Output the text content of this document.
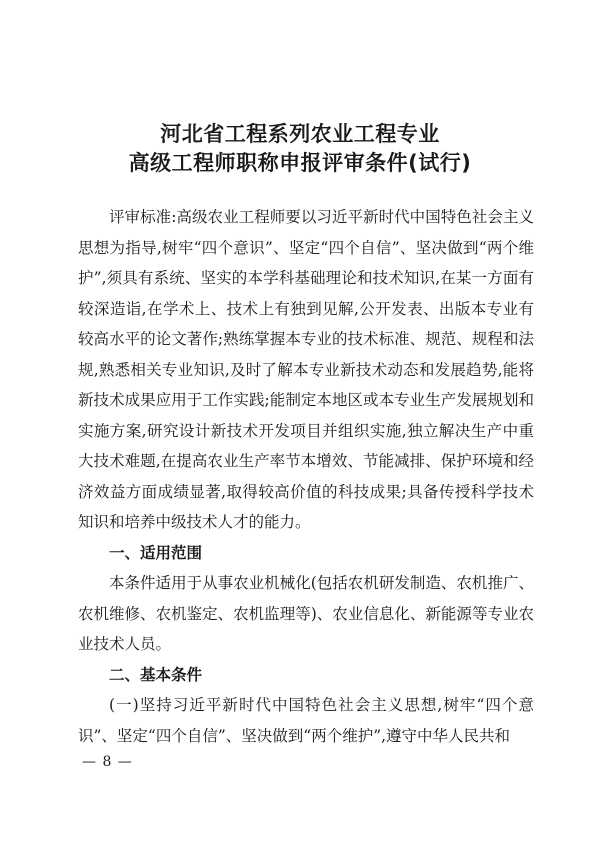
河北省工程系列农业工程专业
高级工程师职称申报评审条件(试行)

评审标准:高级农业工程师要以习近平新时代中国特色社会主义思想为指导,树牢“四个意识”、坚定“四个自信”、坚决做到“两个维护”,须具有系统、坚实的本学科基础理论和技术知识,在某一方面有较深造诣,在学术上、技术上有独到见解,公开发表、出版本专业有较高水平的论文著作;熟练掌握本专业的技术标准、规范、规程和法规,熟悉相关专业知识,及时了解本专业新技术动态和发展趋势,能将新技术成果应用于工作实践;能制定本地区或本专业生产发展规划和实施方案,研究设计新技术开发项目并组织实施,独立解决生产中重大技术难题,在提高农业生产率节本增效、节能减排、保护环境和经济效益方面成绩显著,取得较高价值的科技成果;具备传授科学技术知识和培养中级技术人才的能力。

一、适用范围

本条件适用于从事农业机械化(包括农机研发制造、农机推广、农机维修、农机鉴定、农机监理等)、农业信息化、新能源等专业农业技术人员。

二、基本条件

(一)坚持习近平新时代中国特色社会主义思想,树牢“四个意识”、坚定“四个自信”、坚决做到“两个维护”,遵守中华人民共和

— 8 —
